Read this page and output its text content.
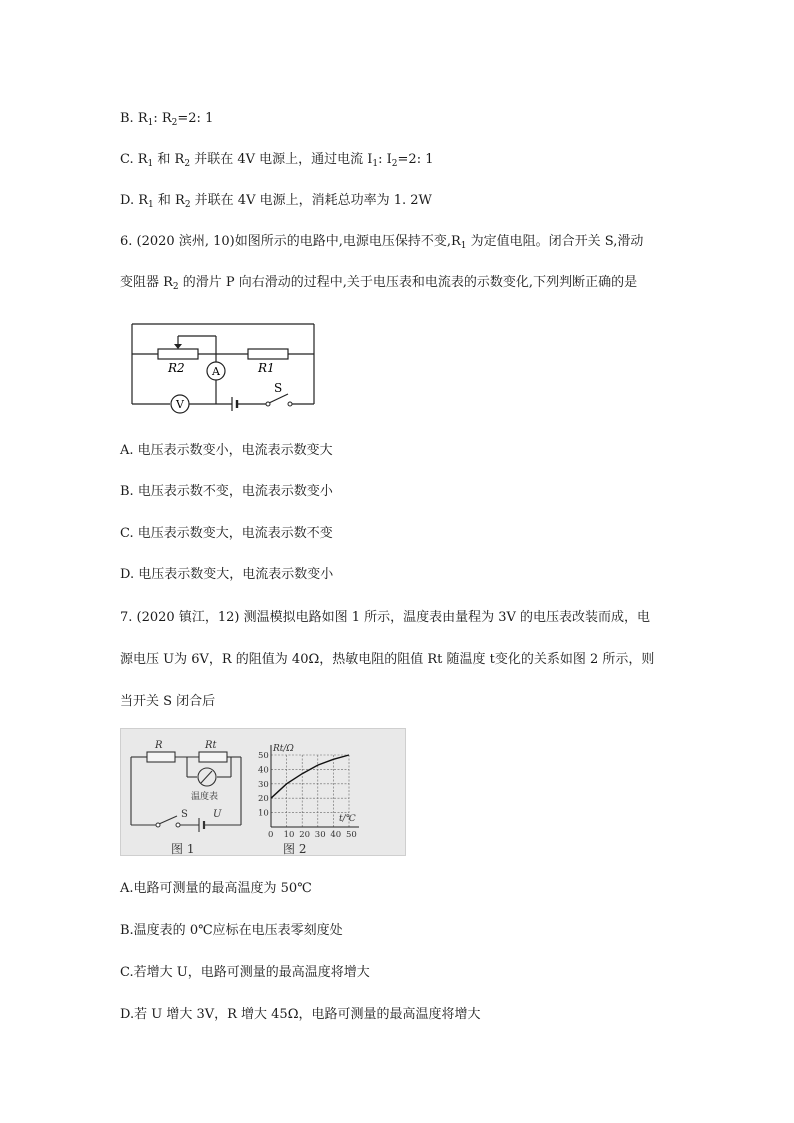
B. $R_1$: $R_2=2$: 1
C. $R_1$ 和 $R_2$ 并联在 4V 电源上，通过电流 $I_1$: $I_2=2$: 1
D. $R_1$ 和 $R_2$ 并联在 4V 电源上，消耗总功率为 1. 2W
6. (2020 滨州, 10)如图所示的电路中,电源电压保持不变$,R_1$ 为定值电阻。闭合开关 S,滑动
变阻器 $R_2$ 的滑片 P 向右滑动的过程中,关于电压表和电流表的示数变化,下列判断正确的是
R2	R1
A
V
S
A. 电压表示数变小，电流表示数变大
B. 电压表示数不变，电流表示数变小
C. 电压表示数变大，电流表示数不变
D. 电压表示数变大，电流表示数变小
7. (2020 镇江，12) 测温模拟电路如图 1 所示，温度表由量程为 3V 的电压表改装而成，电
源电压 U为 6V，R 的阻值为 40Ω，热敏电阻的阻值 Rt 随温度 t变化的关系如图 2 所示，则
当开关 S 闭合后
R	Rt
温度表
S	U
图 1
0 10 20 30 40 50
10
20
30
40
50
Rt/Ω
t/℃
图 2
A.电路可测量的最高温度为 50℃
B.温度表的 0℃应标在电压表零刻度处
C.若增大 U，电路可测量的最高温度将增大
D.若 U 增大 3V，R 增大 45Ω，电路可测量的最高温度将增大
